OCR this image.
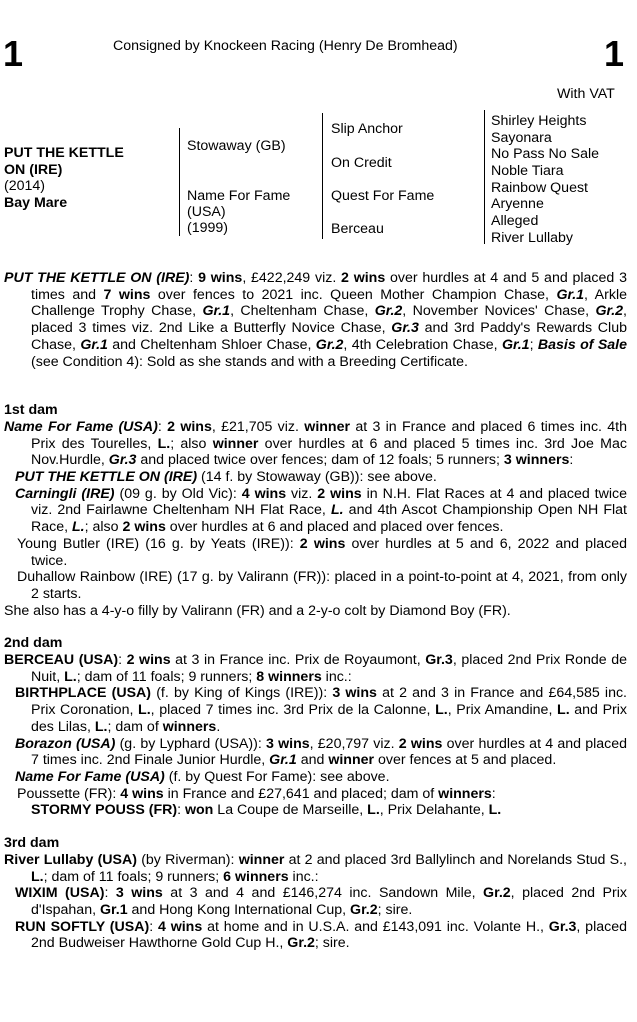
1	Consigned by Knockeen Racing (Henry De Bromhead)	1
With VAT
PUT THE KETTLE
ON (IRE)
(2014)
Bay Mare
Stowaway (GB)
Name For Fame
(USA)
(1999)
Slip Anchor
On Credit
Quest For Fame
Berceau
Shirley Heights
Sayonara
No Pass No Sale
Noble Tiara
Rainbow Quest
Aryenne
Alleged
River Lullaby

PUT THE KETTLE ON (IRE): 9 wins, £422,249 viz. 2 wins over hurdles at 4 and 5 and placed 3 times and 7 wins over fences to 2021 inc. Queen Mother Champion Chase, Gr.1, Arkle Challenge Trophy Chase, Gr.1, Cheltenham Chase, Gr.2, November Novices' Chase, Gr.2, placed 3 times viz. 2nd Like a Butterfly Novice Chase, Gr.3 and 3rd Paddy's Rewards Club Chase, Gr.1 and Cheltenham Shloer Chase, Gr.2, 4th Celebration Chase, Gr.1; Basis of Sale (see Condition 4): Sold as she stands and with a Breeding Certificate.

1st dam

Name For Fame (USA): 2 wins, £21,705 viz. winner at 3 in France and placed 6 times inc. 4th Prix des Tourelles, L.; also winner over hurdles at 6 and placed 5 times inc. 3rd Joe Mac Nov.Hurdle, Gr.3 and placed twice over fences; dam of 12 foals; 5 runners; 3 winners:

PUT THE KETTLE ON (IRE) (14 f. by Stowaway (GB)): see above.

Carningli (IRE) (09 g. by Old Vic): 4 wins viz. 2 wins in N.H. Flat Races at 4 and placed twice viz. 2nd Fairlawne Cheltenham NH Flat Race, L. and 4th Ascot Championship Open NH Flat Race, L.; also 2 wins over hurdles at 6 and placed and placed over fences.

Young Butler (IRE) (16 g. by Yeats (IRE)): 2 wins over hurdles at 5 and 6, 2022 and placed twice.

Duhallow Rainbow (IRE) (17 g. by Valirann (FR)): placed in a point-to-point at 4, 2021, from only 2 starts.

She also has a 4-y-o filly by Valirann (FR) and a 2-y-o colt by Diamond Boy (FR).

2nd dam

BERCEAU (USA): 2 wins at 3 in France inc. Prix de Royaumont, Gr.3, placed 2nd Prix Ronde de Nuit, L.; dam of 11 foals; 9 runners; 8 winners inc.:

BIRTHPLACE (USA) (f. by King of Kings (IRE)): 3 wins at 2 and 3 in France and £64,585 inc. Prix Coronation, L., placed 7 times inc. 3rd Prix de la Calonne, L., Prix Amandine, L. and Prix des Lilas, L.; dam of winners.

Borazon (USA) (g. by Lyphard (USA)): 3 wins, £20,797 viz. 2 wins over hurdles at 4 and placed 7 times inc. 2nd Finale Junior Hurdle, Gr.1 and winner over fences at 5 and placed.

Name For Fame (USA) (f. by Quest For Fame): see above.

Poussette (FR): 4 wins in France and £27,641 and placed; dam of winners:

STORMY POUSS (FR): won La Coupe de Marseille, L., Prix Delahante, L.

3rd dam

River Lullaby (USA) (by Riverman): winner at 2 and placed 3rd Ballylinch and Norelands Stud S., L.; dam of 11 foals; 9 runners; 6 winners inc.:

WIXIM (USA): 3 wins at 3 and 4 and £146,274 inc. Sandown Mile, Gr.2, placed 2nd Prix d'Ispahan, Gr.1 and Hong Kong International Cup, Gr.2; sire.

RUN SOFTLY (USA): 4 wins at home and in U.S.A. and £143,091 inc. Volante H., Gr.3, placed 2nd Budweiser Hawthorne Gold Cup H., Gr.2; sire.
